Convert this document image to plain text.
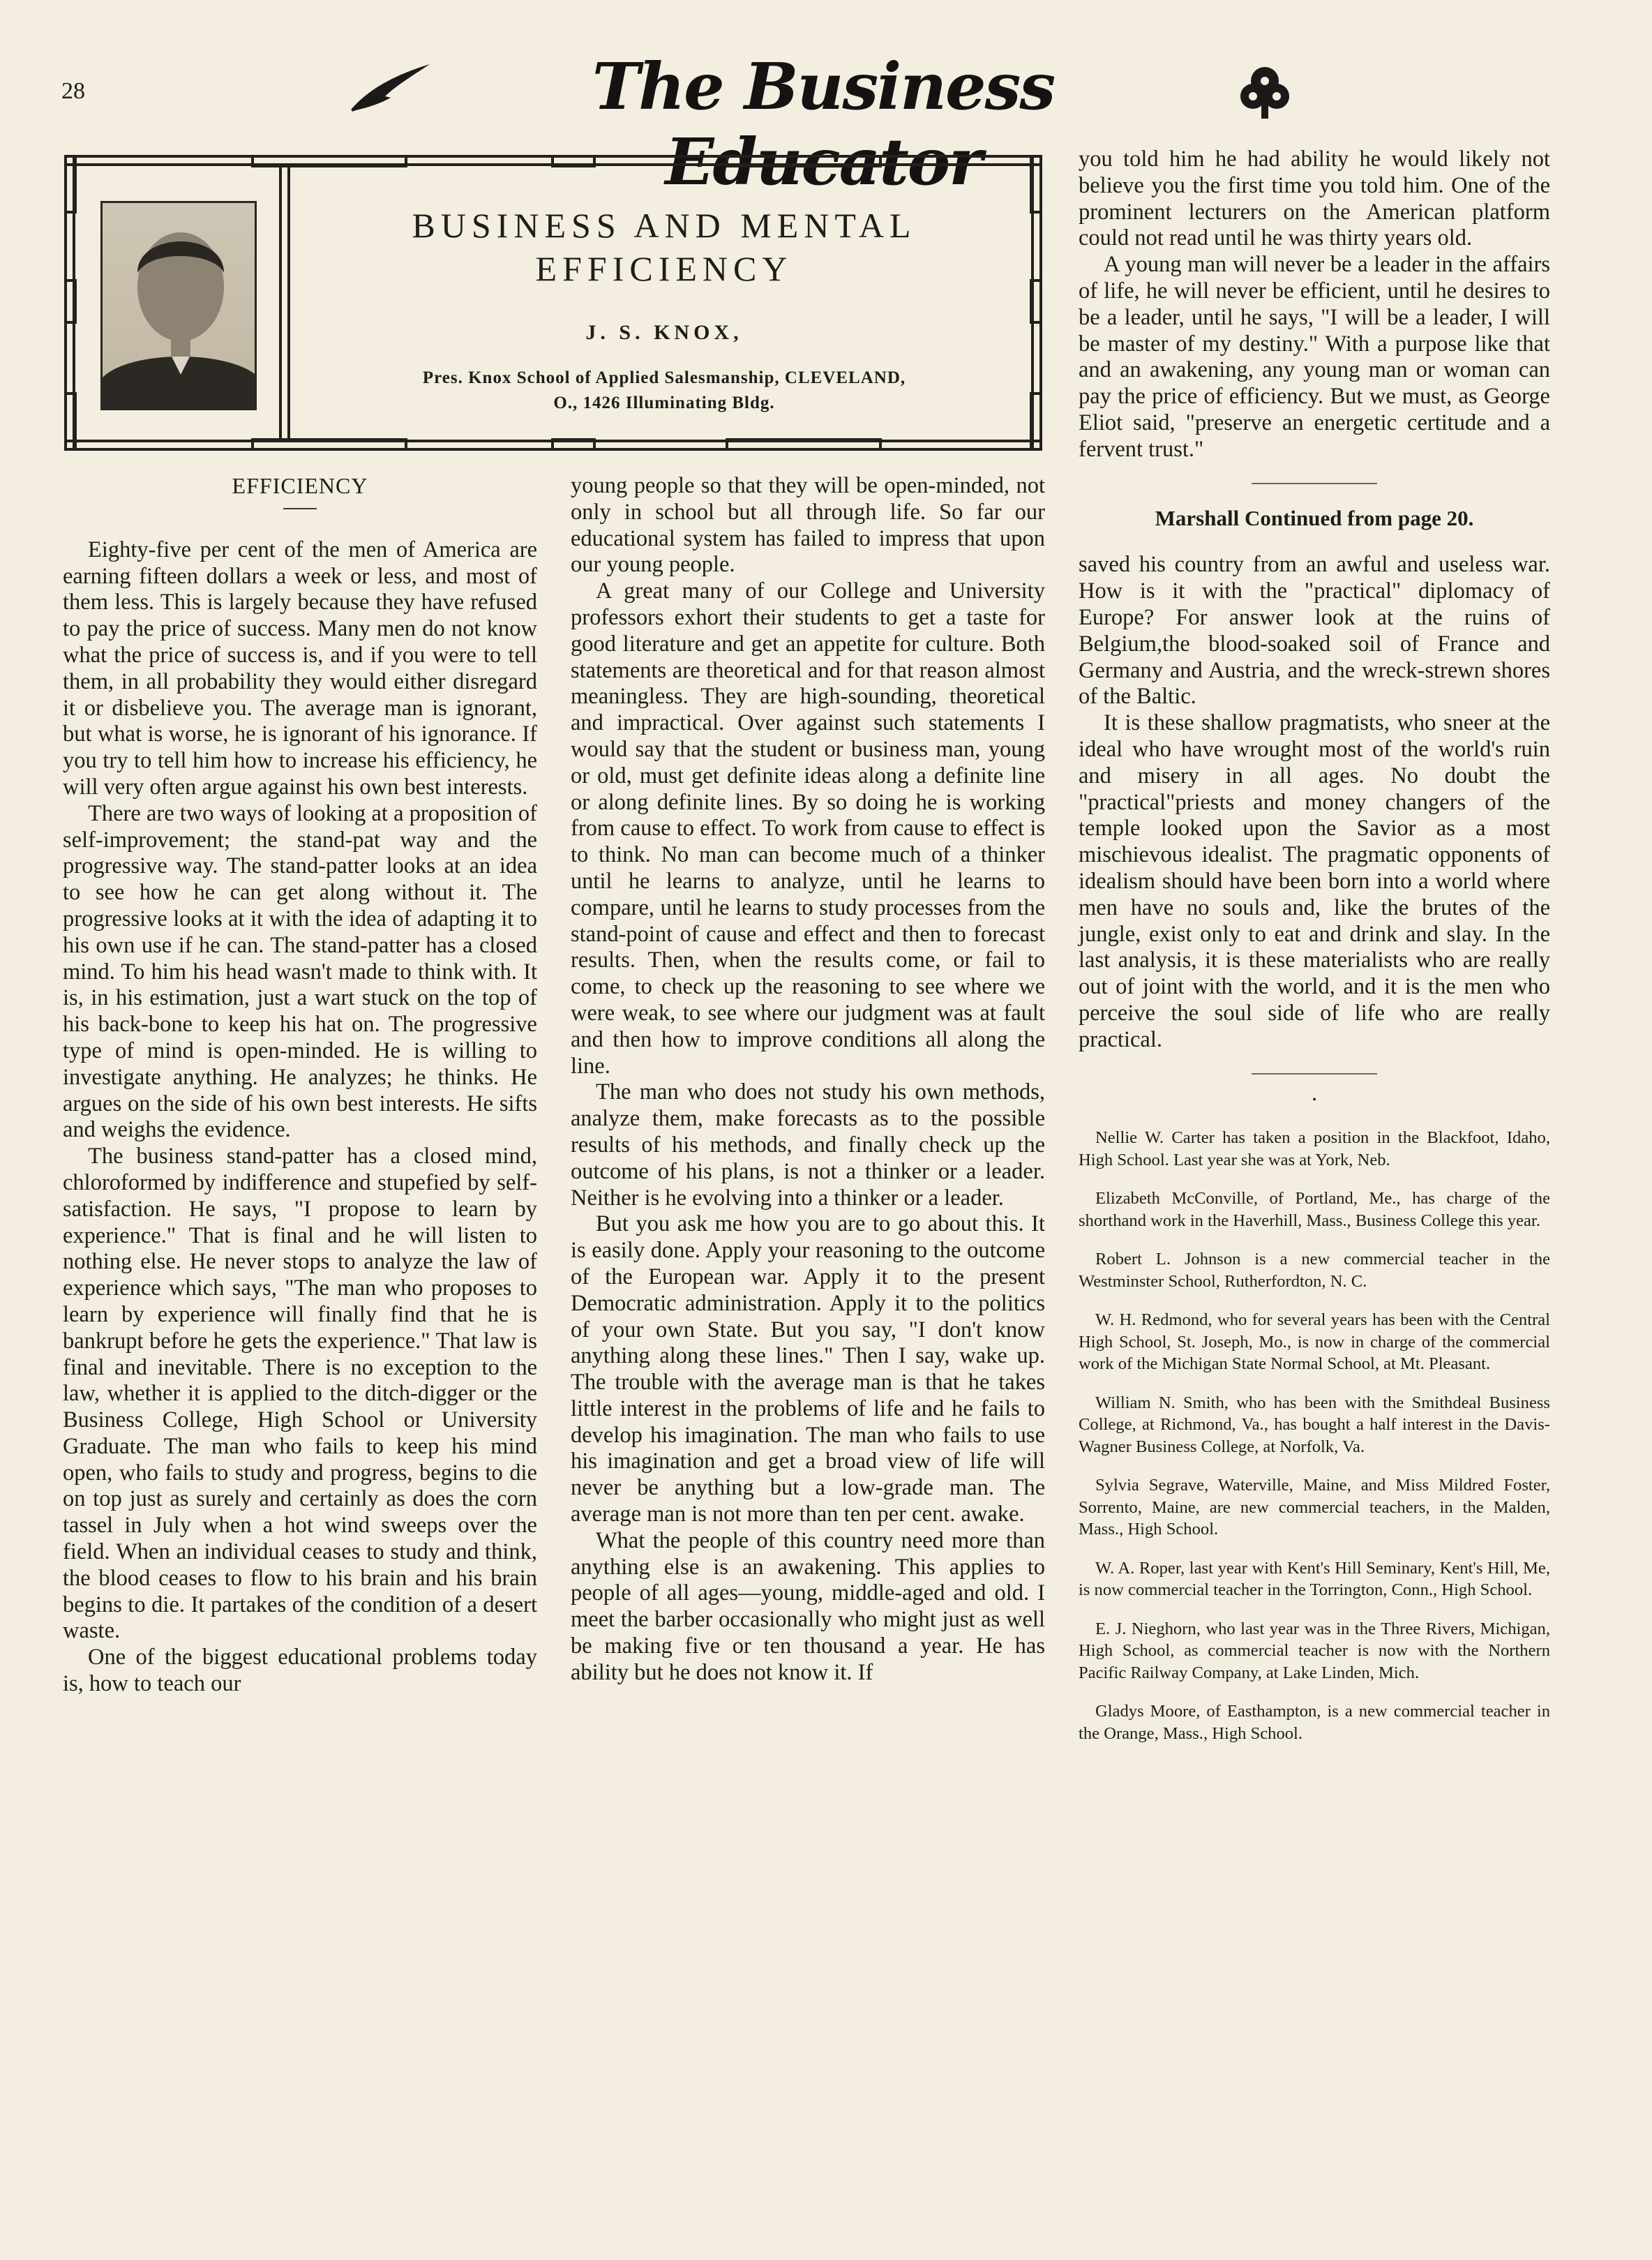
28	The Business Educator
BUSINESS AND MENTAL
EFFICIENCY
J. S. KNOX,
Pres. Knox School of Applied Salesmanship, CLEVELAND,
O., 1426 Illuminating Bldg.

EFFICIENCY

Eighty-five per cent of the men of America are earning fifteen dollars a week or less, and most of them less. This is largely because they have refused to pay the price of success. Many men do not know what the price of success is, and if you were to tell them, in all probability they would either disregard it or disbelieve you. The average man is ignorant, but what is worse, he is ignorant of his ignorance. If you try to tell him how to increase his efficiency, he will very often argue against his own best interests.

There are two ways of looking at a proposition of self-improvement; the stand-pat way and the progressive way. The stand-patter looks at an idea to see how he can get along without it. The progressive looks at it with the idea of adapting it to his own use if he can. The stand-patter has a closed mind. To him his head wasn't made to think with. It is, in his estimation, just a wart stuck on the top of his back-bone to keep his hat on. The progressive type of mind is open-minded. He is willing to investigate anything. He analyzes; he thinks. He argues on the side of his own best interests. He sifts and weighs the evidence.

The business stand-patter has a closed mind, chloroformed by indifference and stupefied by self-satisfaction. He says, "I propose to learn by experience." That is final and he will listen to nothing else. He never stops to analyze the law of experience which says, "The man who proposes to learn by experience will finally find that he is bankrupt before he gets the experience." That law is final and inevitable. There is no exception to the law, whether it is applied to the ditch-digger or the Business College, High School or University Graduate. The man who fails to keep his mind open, who fails to study and progress, begins to die on top just as surely and certainly as does the corn tassel in July when a hot wind sweeps over the field. When an individual ceases to study and think, the blood ceases to flow to his brain and his brain begins to die. It partakes of the condition of a desert waste.

One of the biggest educational problems today is, how to teach our

young people so that they will be open-minded, not only in school but all through life. So far our educational system has failed to impress that upon our young people.

A great many of our College and University professors exhort their students to get a taste for good literature and get an appetite for culture. Both statements are theoretical and for that reason almost meaningless. They are high-sounding, theoretical and impractical. Over against such statements I would say that the student or business man, young or old, must get definite ideas along a definite line or along definite lines. By so doing he is working from cause to effect. To work from cause to effect is to think. No man can become much of a thinker until he learns to analyze, until he learns to compare, until he learns to study processes from the stand-point of cause and effect and then to forecast results. Then, when the results come, or fail to come, to check up the reasoning to see where we were weak, to see where our judgment was at fault and then how to improve conditions all along the line.

The man who does not study his own methods, analyze them, make forecasts as to the possible results of his methods, and finally check up the outcome of his plans, is not a thinker or a leader. Neither is he evolving into a thinker or a leader.

But you ask me how you are to go about this. It is easily done. Apply your reasoning to the outcome of the European war. Apply it to the present Democratic administration. Apply it to the politics of your own State. But you say, "I don't know anything along these lines." Then I say, wake up. The trouble with the average man is that he takes little interest in the problems of life and he fails to develop his imagination. The man who fails to use his imagination and get a broad view of life will never be anything but a low-grade man. The average man is not more than ten per cent. awake.

What the people of this country need more than anything else is an awakening. This applies to people of all ages—young, middle-aged and old. I meet the barber occasionally who might just as well be making five or ten thousand a year. He has ability but he does not know it. If

you told him he had ability he would likely not believe you the first time you told him. One of the prominent lecturers on the American platform could not read until he was thirty years old.

A young man will never be a leader in the affairs of life, he will never be efficient, until he desires to be a leader, until he says, "I will be a leader, I will be master of my destiny." With a purpose like that and an awakening, any young man or woman can pay the price of efficiency. But we must, as George Eliot said, "preserve an energetic certitude and a fervent trust."

Marshall Continued from page 20.

saved his country from an awful and useless war. How is it with the "practical" diplomacy of Europe? For answer look at the ruins of Belgium,the blood-soaked soil of France and Germany and Austria, and the wreck-strewn shores of the Baltic.

It is these shallow pragmatists, who sneer at the ideal who have wrought most of the world's ruin and misery in all ages. No doubt the "practical"priests and money changers of the temple looked upon the Savior as a most mischievous idealist. The pragmatic opponents of idealism should have been born into a world where men have no souls and, like the brutes of the jungle, exist only to eat and drink and slay. In the last analysis, it is these materialists who are really out of joint with the world, and it is the men who perceive the soul side of life who are really practical.

•

Nellie W. Carter has taken a position in the Blackfoot, Idaho, High School. Last year she was at York, Neb.

Elizabeth McConville, of Portland, Me., has charge of the shorthand work in the Haverhill, Mass., Business College this year.

Robert L. Johnson is a new commercial teacher in the Westminster School, Rutherfordton, N. C.

W. H. Redmond, who for several years has been with the Central High School, St. Joseph, Mo., is now in charge of the commercial work of the Michigan State Normal School, at Mt. Pleasant.

William N. Smith, who has been with the Smithdeal Business College, at Richmond, Va., has bought a half interest in the Davis-Wagner Business College, at Norfolk, Va.

Sylvia Segrave, Waterville, Maine, and Miss Mildred Foster, Sorrento, Maine, are new commercial teachers, in the Malden, Mass., High School.

W. A. Roper, last year with Kent's Hill Seminary, Kent's Hill, Me, is now commercial teacher in the Torrington, Conn., High School.

E. J. Nieghorn, who last year was in the Three Rivers, Michigan, High School, as commercial teacher is now with the Northern Pacific Railway Company, at Lake Linden, Mich.

Gladys Moore, of Easthampton, is a new commercial teacher in the Orange, Mass., High School.
